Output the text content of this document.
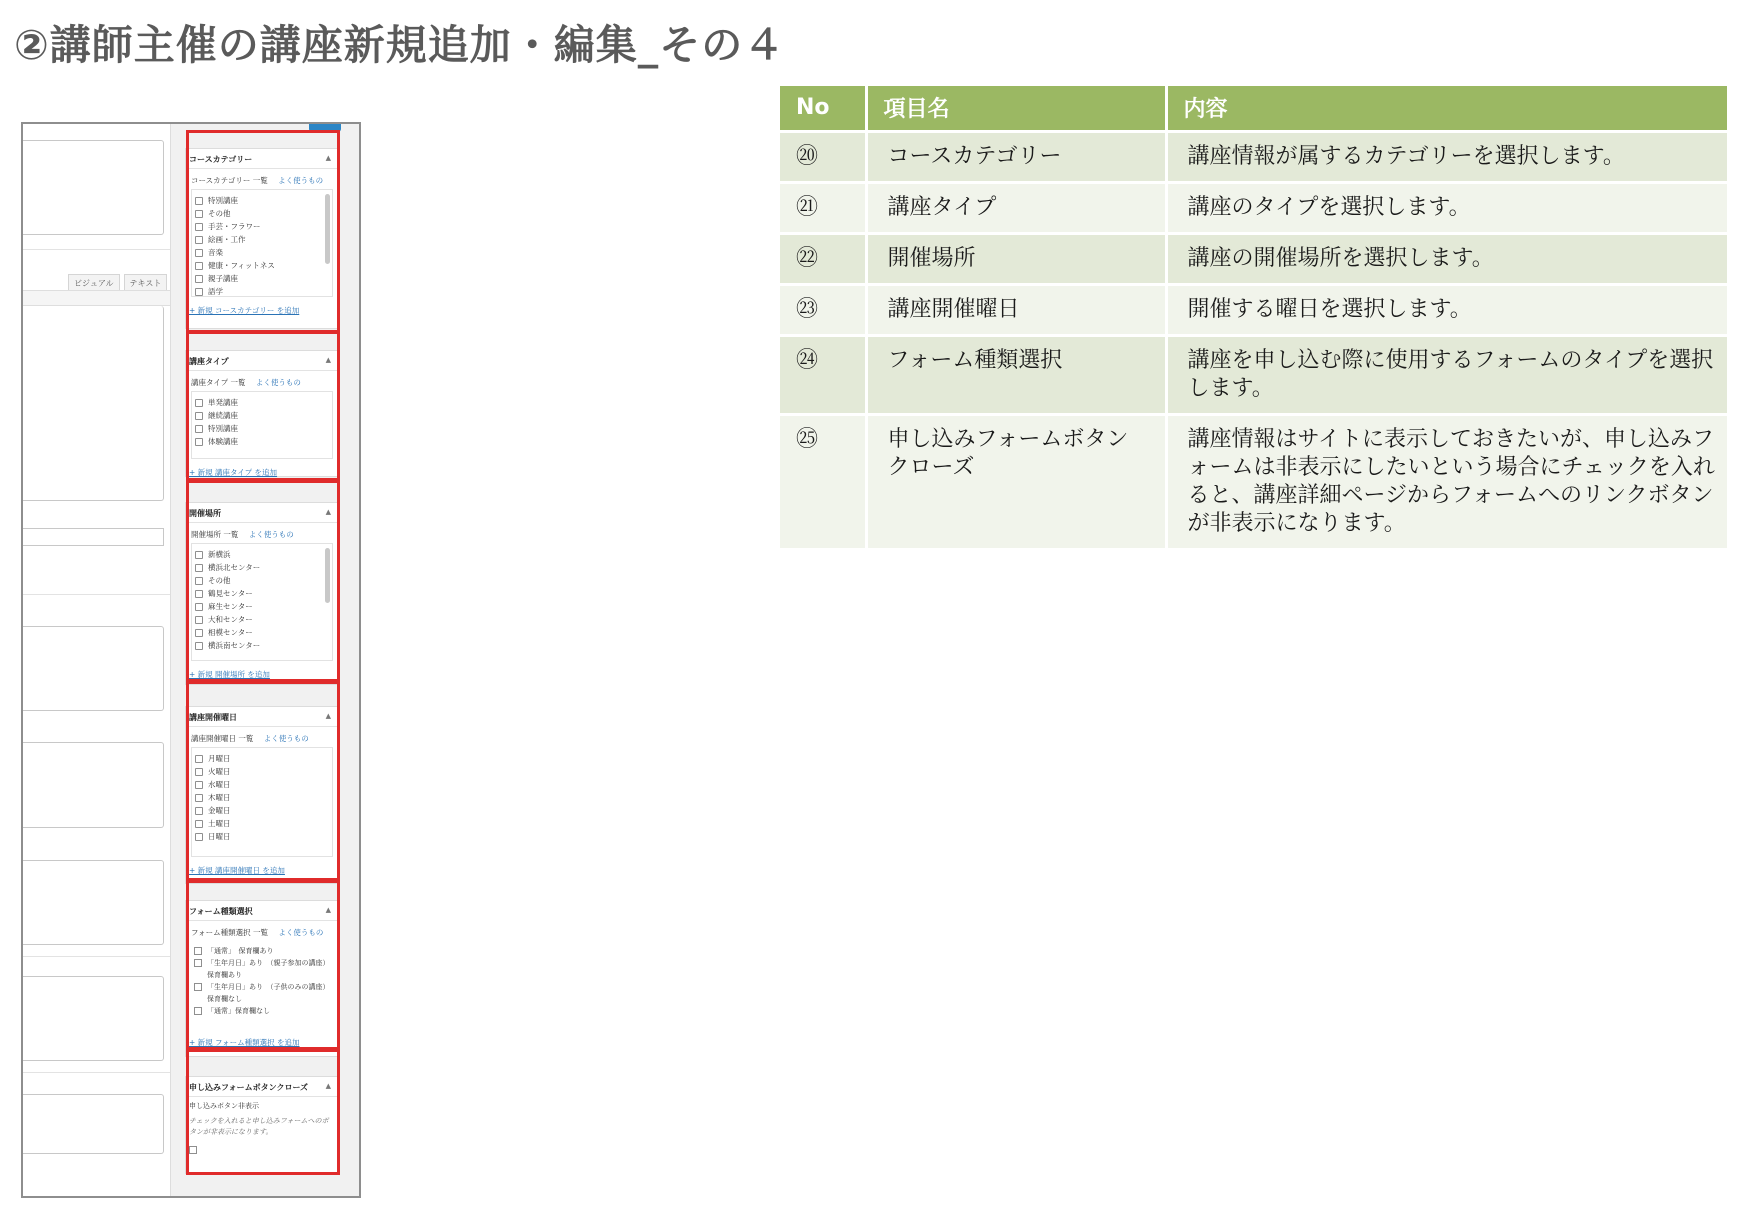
②講師主催の講座新規追加・編集_その４
ビジュアル	テキスト
コースカテゴリー	▲
コースカテゴリー 一覧 よく使うもの
特別講座
その他
手芸・フラワー
絵画・工作
音楽
健康・フィットネス
親子講座
語学
+ 新規 コースカテゴリー を追加
講座タイプ	▲
講座タイプ 一覧 よく使うもの
単発講座
継続講座
特別講座
体験講座
+ 新規 講座タイプ を追加
開催場所	▲
開催場所 一覧 よく使うもの
新横浜
横浜北センター
その他
鶴見センター
麻生センター
大和センター
相模センター
横浜南センター
+ 新規 開催場所 を追加
講座開催曜日	▲
講座開催曜日 一覧 よく使うもの
月曜日
火曜日
水曜日
木曜日
金曜日
土曜日
日曜日
+ 新規 講座開催曜日 を追加
フォーム種類選択	▲
フォーム種類選択 一覧 よく使うもの
「通常」　保育欄あり
「生年月日」あり　（親子参加の講座）保育欄あり
「生年月日」あり　（子供のみの講座）保育欄なし
「通常」保育欄なし
+ 新規 フォーム種類選択 を追加
申し込みフォームボタンクローズ	▲
申し込みボタン非表示
チェックを入れると申し込みフォームへのボタンが非表示になります。
No	項目名	内容
⑳	コースカテゴリー	講座情報が属するカテゴリーを選択します。
㉑	講座タイプ	講座のタイプを選択します。
㉒	開催場所	講座の開催場所を選択します。
㉓	講座開催曜日	開催する曜日を選択します。
㉔	フォーム種類選択	講座を申し込む際に使用するフォームのタイプを選択します。
㉕	申し込みフォームボタンクローズ	講座情報はサイトに表示しておきたいが、申し込みフォームは非表示にしたいという場合にチェックを入れると、講座詳細ページからフォームへのリンクボタンが非表示になります。
